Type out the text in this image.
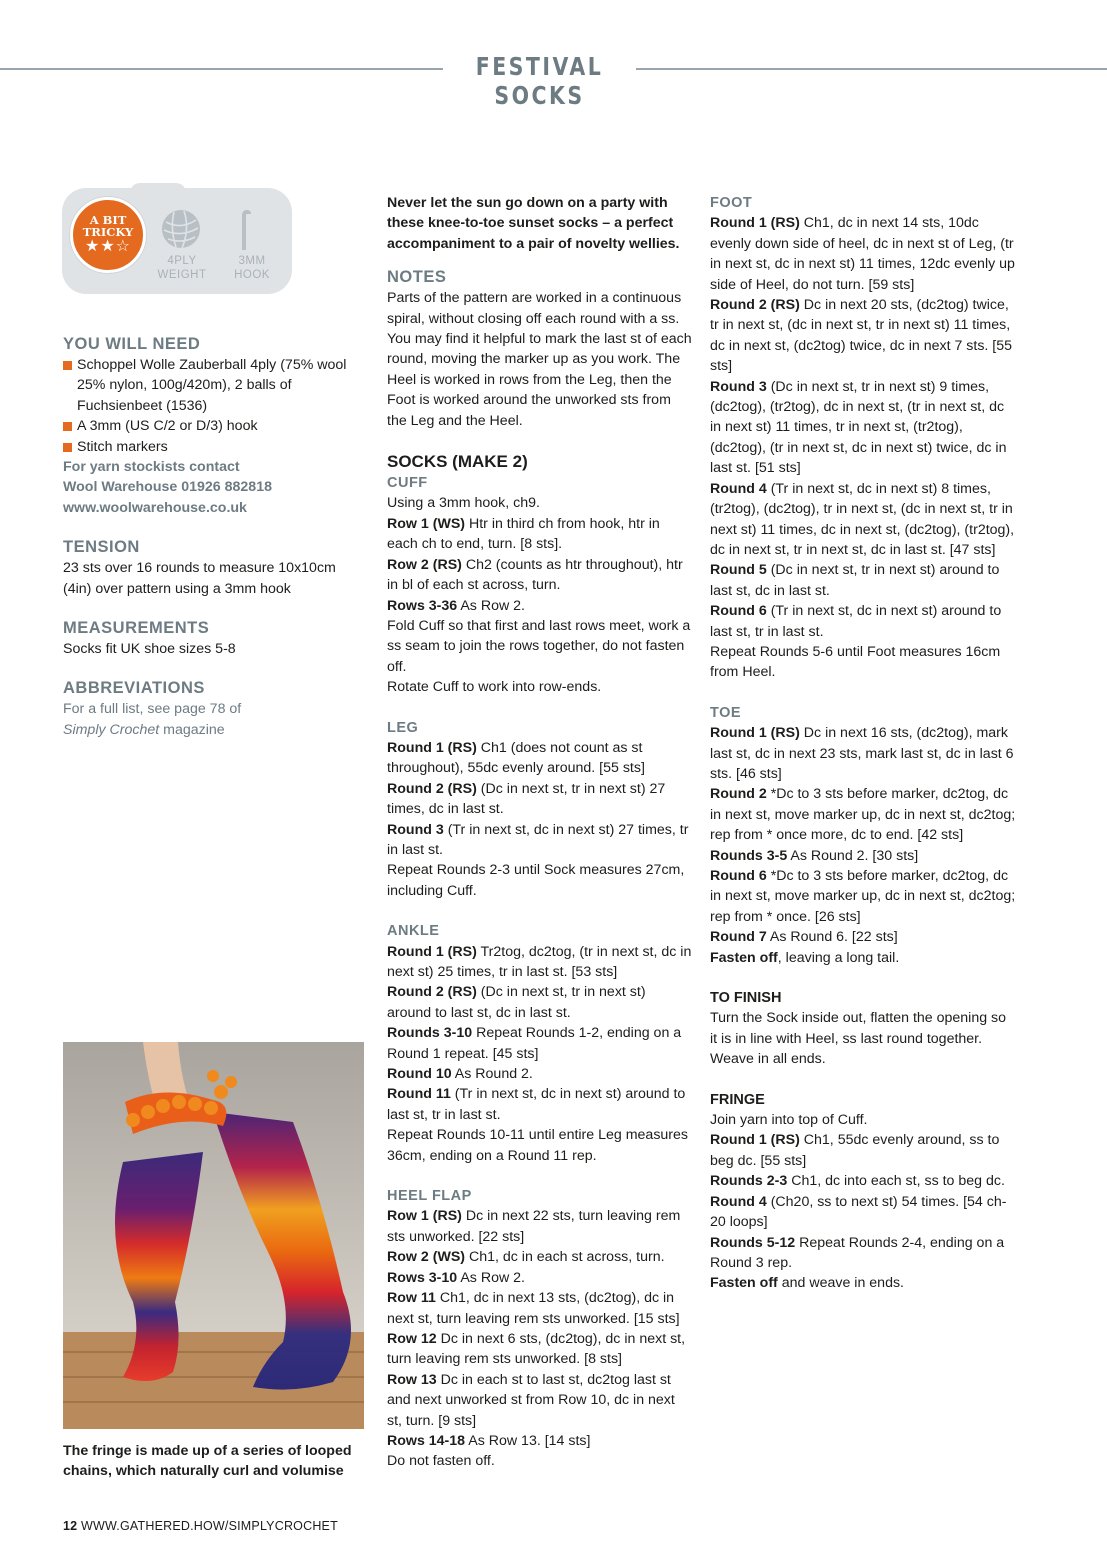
FESTIVAL SOCKS
A BIT
TRICKY
★★☆
4PLY
WEIGHT
3MM
HOOK
YOU WILL NEED
Schoppel Wolle Zauberball 4ply (75% wool 25% nylon, 100g/420m), 2 balls of Fuchsienbeet (1536)
A 3mm (US C/2 or D/3) hook
Stitch markers
For yarn stockists contact
Wool Warehouse 01926 882818
www.woolwarehouse.co.uk
TENSION
23 sts over 16 rounds to measure 10x10cm (4in) over pattern using a 3mm hook
MEASUREMENTS
Socks fit UK shoe sizes 5-8
ABBREVIATIONS
For a full list, see page 78 of
Simply Crochet magazine
The fringe is made up of a series of looped chains, which naturally curl and volumise
Never let the sun go down on a party with these knee-to-toe sunset socks – a perfect accompaniment to a pair of novelty wellies.
NOTES
Parts of the pattern are worked in a continuous spiral, without closing off each round with a ss. You may find it helpful to mark the last st of each round, moving the marker up as you work. The Heel is worked in rows from the Leg, then the Foot is worked around the unworked sts from the Leg and the Heel.
SOCKS (MAKE 2)
CUFF
Using a 3mm hook, ch9.
Row 1 (WS) Htr in third ch from hook, htr in each ch to end, turn. [8 sts].
Row 2 (RS) Ch2 (counts as htr throughout), htr in bl of each st across, turn.
Rows 3-36 As Row 2.
Fold Cuff so that first and last rows meet, work a ss seam to join the rows together, do not fasten off.
Rotate Cuff to work into row-ends.
LEG
Round 1 (RS) Ch1 (does not count as st throughout), 55dc evenly around. [55 sts]
Round 2 (RS) (Dc in next st, tr in next st) 27 times, dc in last st.
Round 3 (Tr in next st, dc in next st) 27 times, tr in last st.
Repeat Rounds 2-3 until Sock measures 27cm, including Cuff.
ANKLE
Round 1 (RS) Tr2tog, dc2tog, (tr in next st, dc in next st) 25 times, tr in last st. [53 sts]
Round 2 (RS) (Dc in next st, tr in next st) around to last st, dc in last st.
Rounds 3-10 Repeat Rounds 1-2, ending on a Round 1 repeat. [45 sts]
Round 10 As Round 2.
Round 11 (Tr in next st, dc in next st) around to last st, tr in last st.
Repeat Rounds 10-11 until entire Leg measures 36cm, ending on a Round 11 rep.
HEEL FLAP
Row 1 (RS) Dc in next 22 sts, turn leaving rem sts unworked. [22 sts]
Row 2 (WS) Ch1, dc in each st across, turn.
Rows 3-10 As Row 2.
Row 11 Ch1, dc in next 13 sts, (dc2tog), dc in next st, turn leaving rem sts unworked. [15 sts]
Row 12 Dc in next 6 sts, (dc2tog), dc in next st, turn leaving rem sts unworked. [8 sts]
Row 13 Dc in each st to last st, dc2tog last st and next unworked st from Row 10, dc in next st, turn. [9 sts]
Rows 14-18 As Row 13. [14 sts]
Do not fasten off.
FOOT
Round 1 (RS) Ch1, dc in next 14 sts, 10dc evenly down side of heel, dc in next st of Leg, (tr in next st, dc in next st) 11 times, 12dc evenly up side of Heel, do not turn. [59 sts]
Round 2 (RS) Dc in next 20 sts, (dc2tog) twice, tr in next st, (dc in next st, tr in next st) 11 times, dc in next st, (dc2tog) twice, dc in next 7 sts. [55 sts]
Round 3 (Dc in next st, tr in next st) 9 times, (dc2tog), (tr2tog), dc in next st, (tr in next st, dc in next st) 11 times, tr in next st, (tr2tog), (dc2tog), (tr in next st, dc in next st) twice, dc in last st. [51 sts]
Round 4 (Tr in next st, dc in next st) 8 times, (tr2tog), (dc2tog), tr in next st, (dc in next st, tr in next st) 11 times, dc in next st, (dc2tog), (tr2tog), dc in next st, tr in next st, dc in last st. [47 sts]
Round 5 (Dc in next st, tr in next st) around to last st, dc in last st.
Round 6 (Tr in next st, dc in next st) around to last st, tr in last st.
Repeat Rounds 5-6 until Foot measures 16cm from Heel.
TOE
Round 1 (RS) Dc in next 16 sts, (dc2tog), mark last st, dc in next 23 sts, mark last st, dc in last 6 sts. [46 sts]
Round 2 *Dc to 3 sts before marker, dc2tog, dc in next st, move marker up, dc in next st, dc2tog; rep from * once more, dc to end. [42 sts]
Rounds 3-5 As Round 2. [30 sts]
Round 6 *Dc to 3 sts before marker, dc2tog, dc in next st, move marker up, dc in next st, dc2tog; rep from * once. [26 sts]
Round 7 As Round 6. [22 sts]
Fasten off, leaving a long tail.
TO FINISH
Turn the Sock inside out, flatten the opening so it is in line with Heel, ss last round together. Weave in all ends.
FRINGE
Join yarn into top of Cuff.
Round 1 (RS) Ch1, 55dc evenly around, ss to beg dc. [55 sts]
Rounds 2-3 Ch1, dc into each st, ss to beg dc.
Round 4 (Ch20, ss to next st) 54 times. [54 ch-20 loops]
Rounds 5-12 Repeat Rounds 2-4, ending on a Round 3 rep.
Fasten off and weave in ends.
12 WWW.GATHERED.HOW/SIMPLYCROCHET
